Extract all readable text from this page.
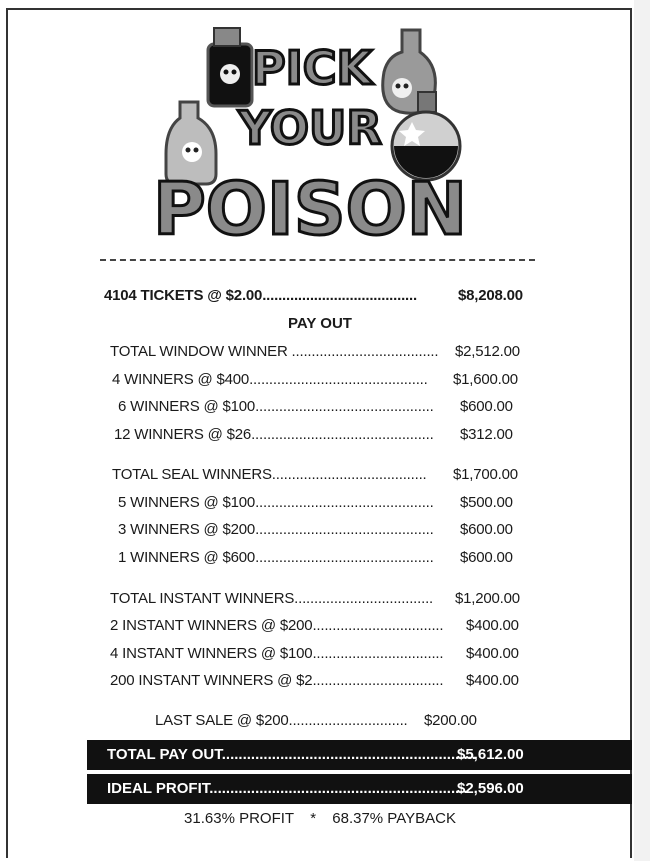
PICK
YOUR
POISON
4104 TICKETS @ $2.00.......................................	$8,208.00
PAY OUT
TOTAL WINDOW WINNER ..................................... $2,512.00
4 WINNERS @ $400............................................. $1,600.00
6 WINNERS @ $100............................................. $600.00
12 WINNERS @ $26.............................................. $312.00
TOTAL SEAL WINNERS....................................... $1,700.00
5 WINNERS @ $100............................................. $500.00
3 WINNERS @ $200............................................. $600.00
1 WINNERS @ $600............................................. $600.00
TOTAL INSTANT WINNERS................................... $1,200.00
2 INSTANT WINNERS @ $200................................. $400.00
4 INSTANT WINNERS @ $100................................. $400.00
200 INSTANT WINNERS @ $2................................. $400.00
LAST SALE @ $200.............................. $200.00
TOTAL PAY OUT.............................................................
$5,612.00
IDEAL PROFIT..............................................................
$2,596.00
31.63% PROFIT * 68.37% PAYBACK
